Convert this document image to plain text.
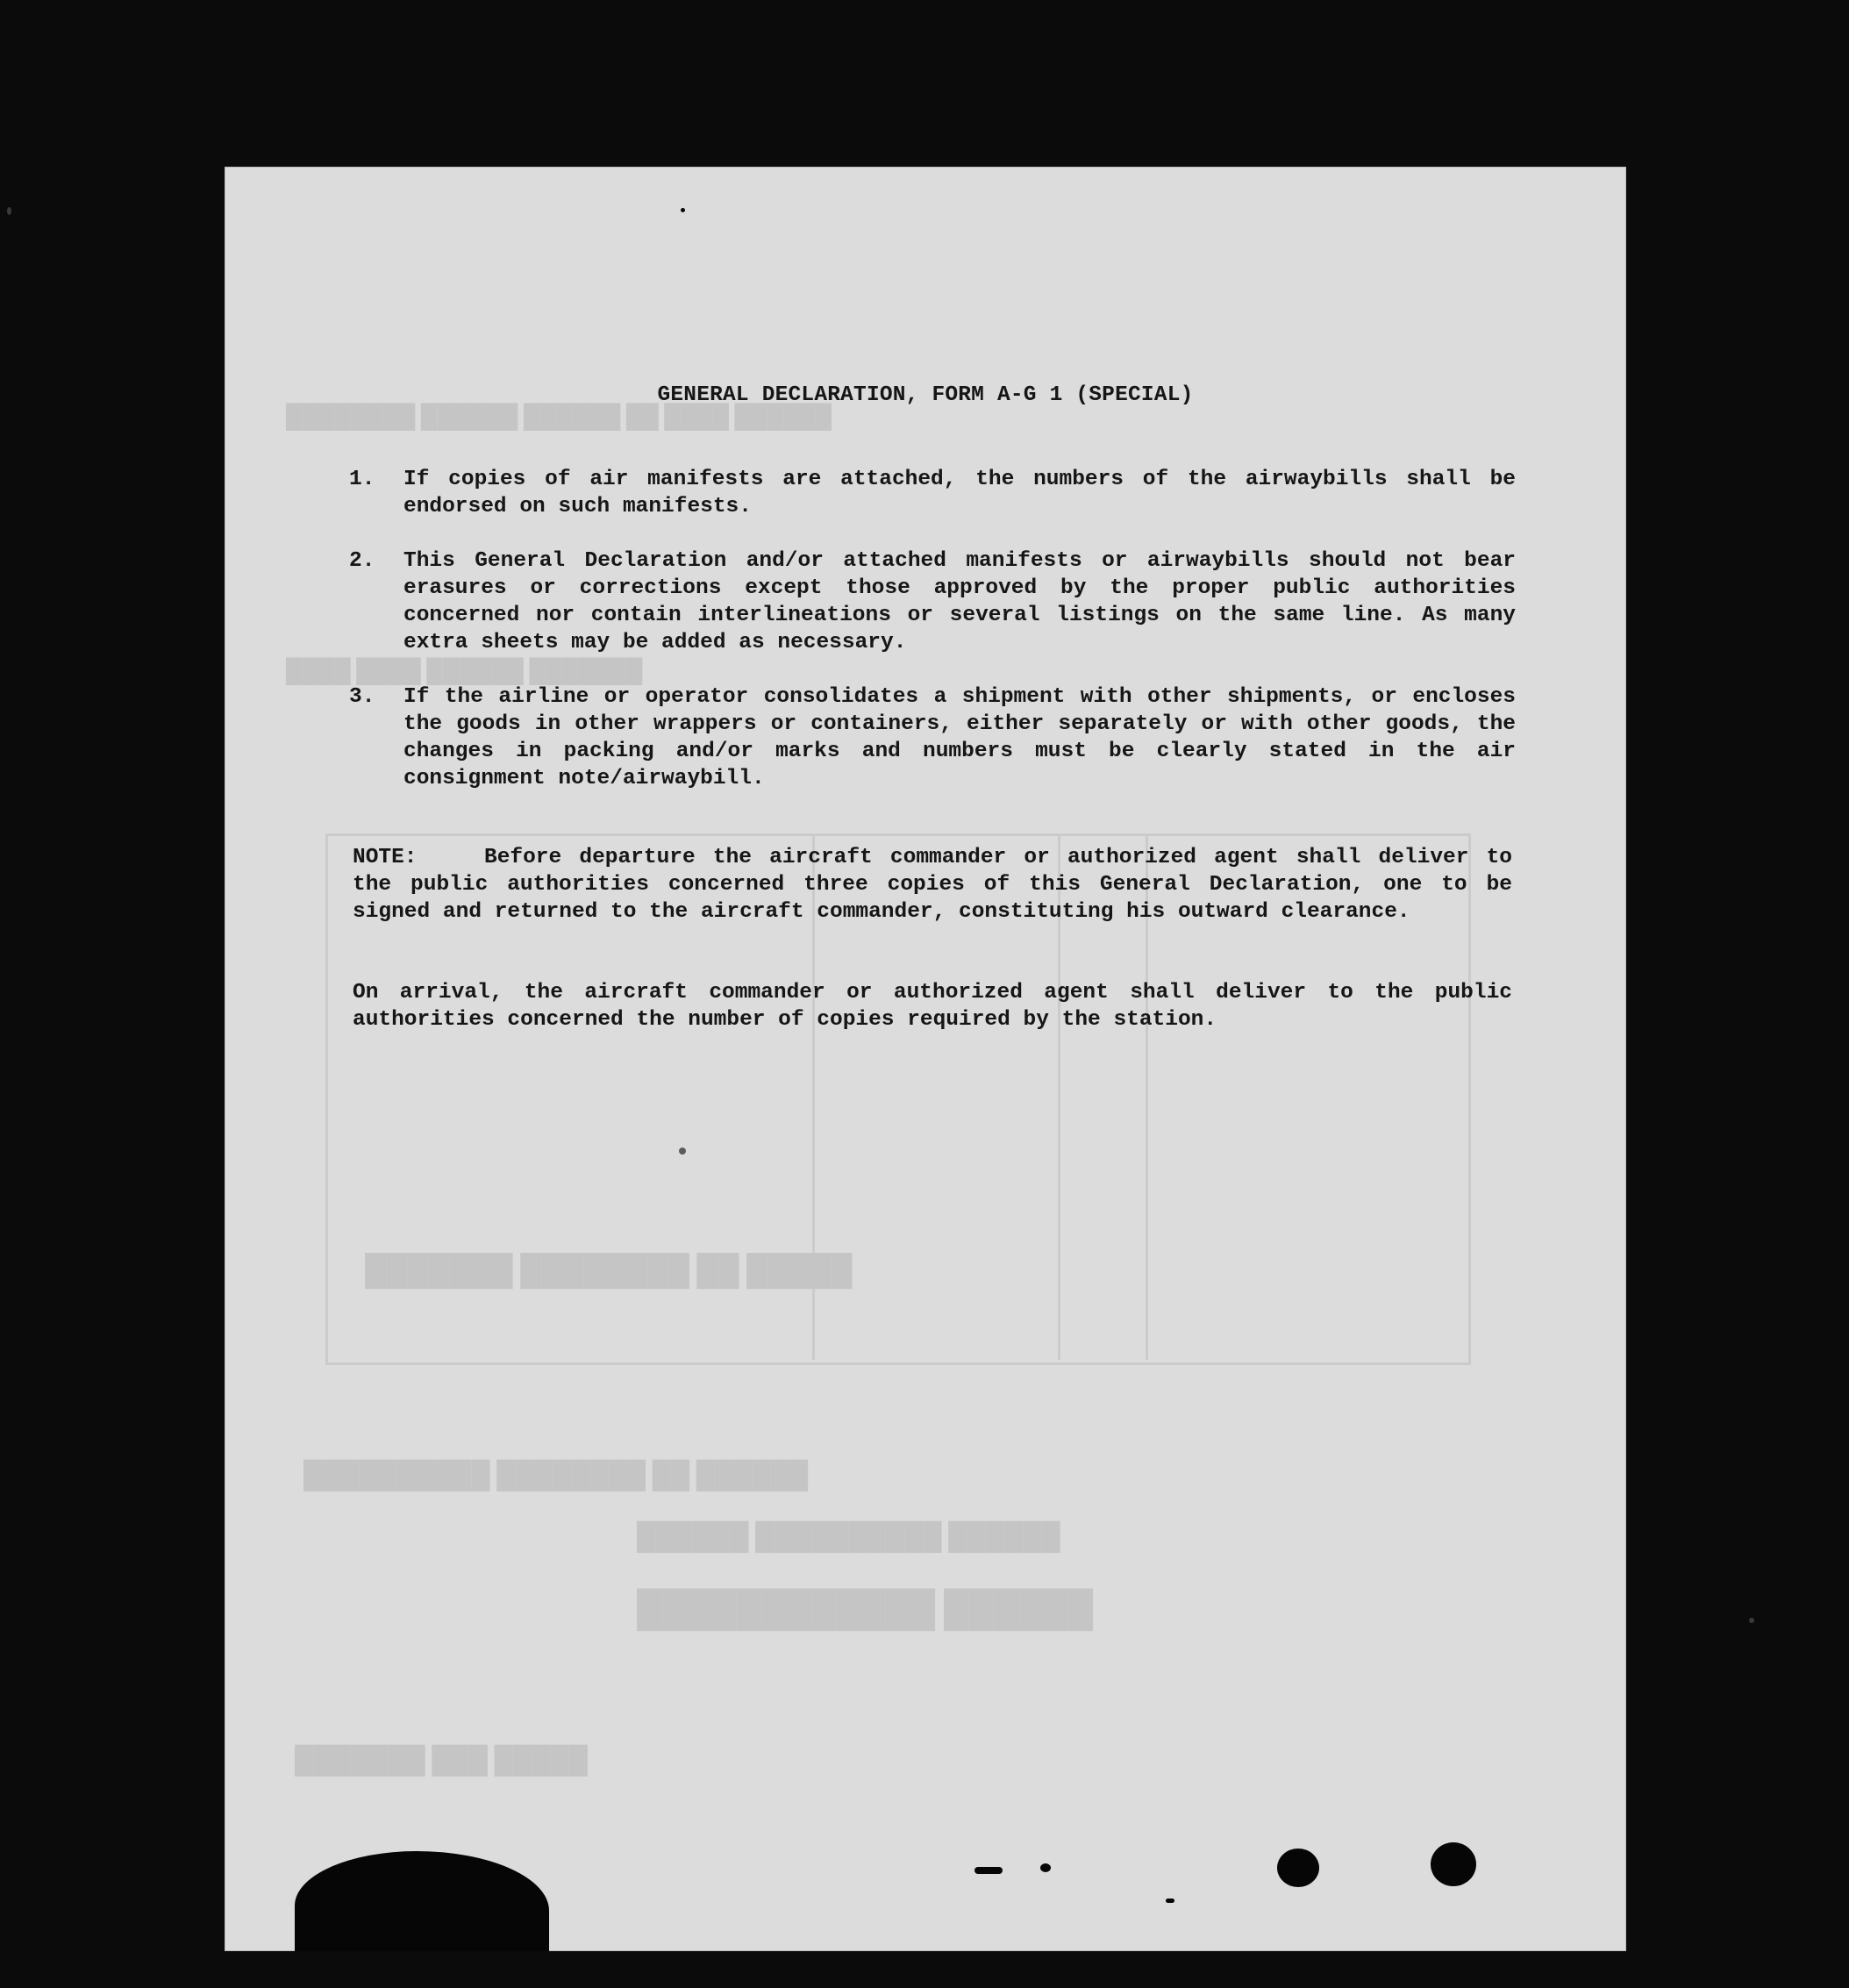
██████ ████ ██ ██████ ██████ ████████
███████ ██████ ████ ████
█████ ██ ████████ ███████
██████ ██ ████████ ██████████
██████ ██████████ ██████
██████ ████████████
█████ ███ ███████
GENERAL DECLARATION, FORM A-G 1 (SPECIAL)
1.	If copies of air manifests are attached, the numbers of the airwaybills shall be endorsed on such manifests.
2.	This General Declaration and/or attached manifests or airwaybills should not bear erasures or corrections except those approved by the proper public authorities concerned nor contain interlineations or several listings on the same line. As many extra sheets may be added as necessary.
3.	If the airline or operator consolidates a shipment with other shipments, or encloses the goods in other wrappers or containers, either separately or with other goods, the changes in packing and/or marks and numbers must be clearly stated in the air consignment note/airwaybill.
NOTE:	Before departure the aircraft commander or authorized agent shall deliver to the public authorities concerned three copies of this General Declaration, one to be signed and returned to the aircraft commander, constituting his outward clearance.
On arrival, the aircraft commander or authorized agent shall deliver to the public authorities concerned the number of copies required by the station.
